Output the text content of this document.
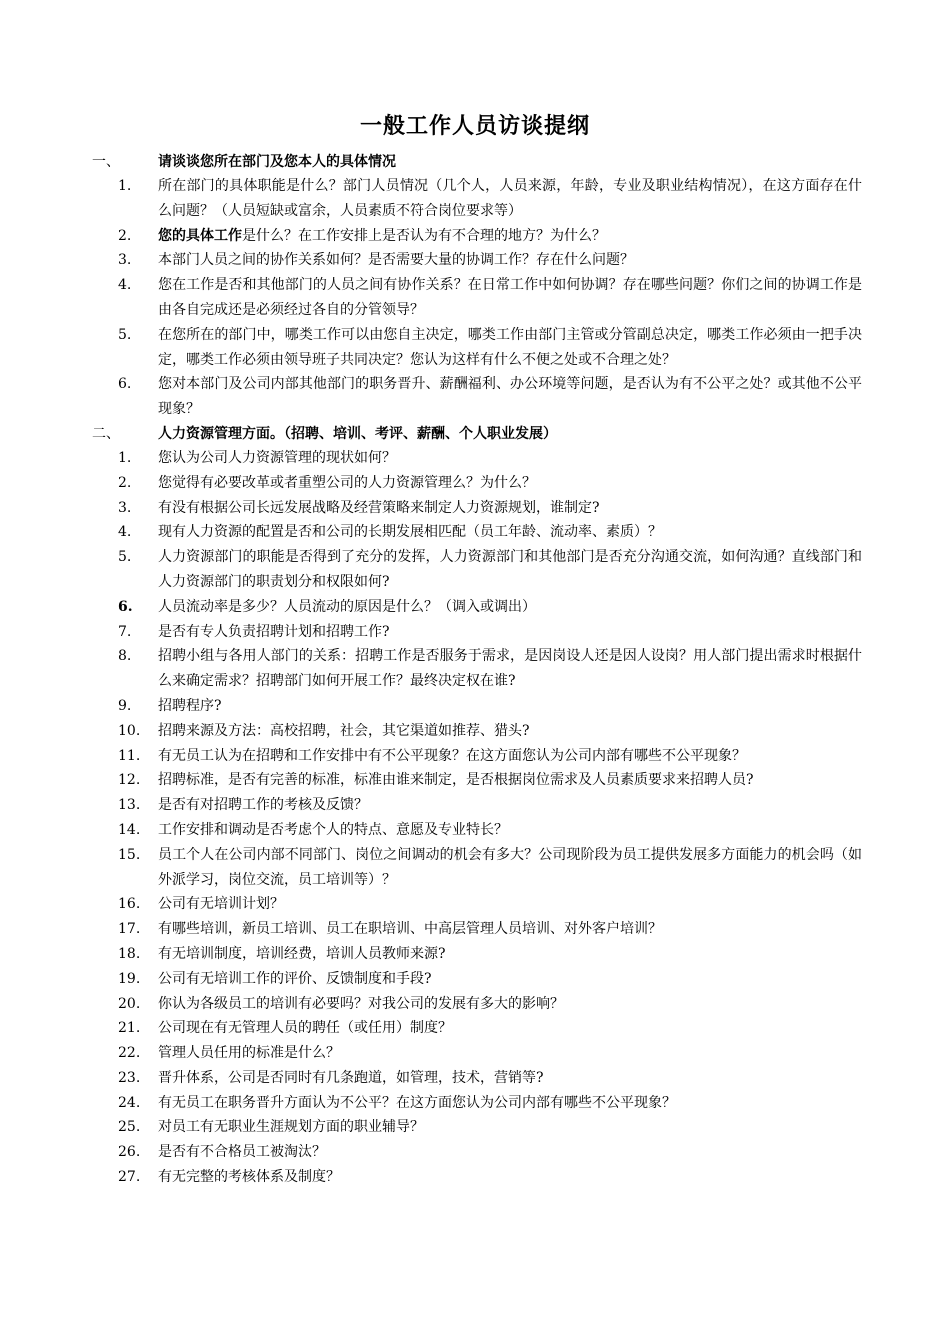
一般工作人员访谈提纲
一、	请谈谈您所在部门及您本人的具体情况
1.	所在部门的具体职能是什么？部门人员情况（几个人，人员来源，年龄，专业及职业结构情况），在这方面存在什么问题？（人员短缺或富余，人员素质不符合岗位要求等）
2.	您的具体工作是什么？在工作安排上是否认为有不合理的地方？为什么？
3.	本部门人员之间的协作关系如何？是否需要大量的协调工作？存在什么问题？
4.	您在工作是否和其他部门的人员之间有协作关系？在日常工作中如何协调？存在哪些问题？你们之间的协调工作是由各自完成还是必须经过各自的分管领导？
5.	在您所在的部门中，哪类工作可以由您自主决定，哪类工作由部门主管或分管副总决定，哪类工作必须由一把手决定，哪类工作必须由领导班子共同决定？您认为这样有什么不便之处或不合理之处？
6.	您对本部门及公司内部其他部门的职务晋升、薪酬福利、办公环境等问题，是否认为有不公平之处？或其他不公平现象？
二、	人力资源管理方面。（招聘、培训、考评、薪酬、个人职业发展）
1.	您认为公司人力资源管理的现状如何？
2.	您觉得有必要改革或者重塑公司的人力资源管理么？为什么？
3.	有没有根据公司长远发展战略及经营策略来制定人力资源规划，谁制定?
4.	现有人力资源的配置是否和公司的长期发展相匹配（员工年龄、流动率、素质）？
5.	人力资源部门的职能是否得到了充分的发挥，人力资源部门和其他部门是否充分沟通交流，如何沟通？直线部门和人力资源部门的职责划分和权限如何?
6.	人员流动率是多少？人员流动的原因是什么？（调入或调出）
7.	是否有专人负责招聘计划和招聘工作?
8.	招聘小组与各用人部门的关系：招聘工作是否服务于需求，是因岗设人还是因人设岗？用人部门提出需求时根据什么来确定需求？招聘部门如何开展工作？最终决定权在谁?
9.	招聘程序?
10.	招聘来源及方法：高校招聘，社会，其它渠道如推荐、猎头?
11.	有无员工认为在招聘和工作安排中有不公平现象？在这方面您认为公司内部有哪些不公平现象？
12.	招聘标准，是否有完善的标准，标准由谁来制定，是否根据岗位需求及人员素质要求来招聘人员?
13.	是否有对招聘工作的考核及反馈？
14.	工作安排和调动是否考虑个人的特点、意愿及专业特长？
15.	员工个人在公司内部不同部门、岗位之间调动的机会有多大？公司现阶段为员工提供发展多方面能力的机会吗（如外派学习，岗位交流，员工培训等）？
16.	公司有无培训计划？
17.	有哪些培训，新员工培训、员工在职培训、中高层管理人员培训、对外客户培训？
18.	有无培训制度，培训经费，培训人员教师来源?
19.	公司有无培训工作的评价、反馈制度和手段?
20.	你认为各级员工的培训有必要吗？对我公司的发展有多大的影响？
21.	公司现在有无管理人员的聘任（或任用）制度？
22.	管理人员任用的标准是什么？
23.	晋升体系，公司是否同时有几条跑道，如管理，技术，营销等?
24.	有无员工在职务晋升方面认为不公平？在这方面您认为公司内部有哪些不公平现象？
25.	对员工有无职业生涯规划方面的职业辅导？
26.	是否有不合格员工被淘汰？
27.	有无完整的考核体系及制度？
